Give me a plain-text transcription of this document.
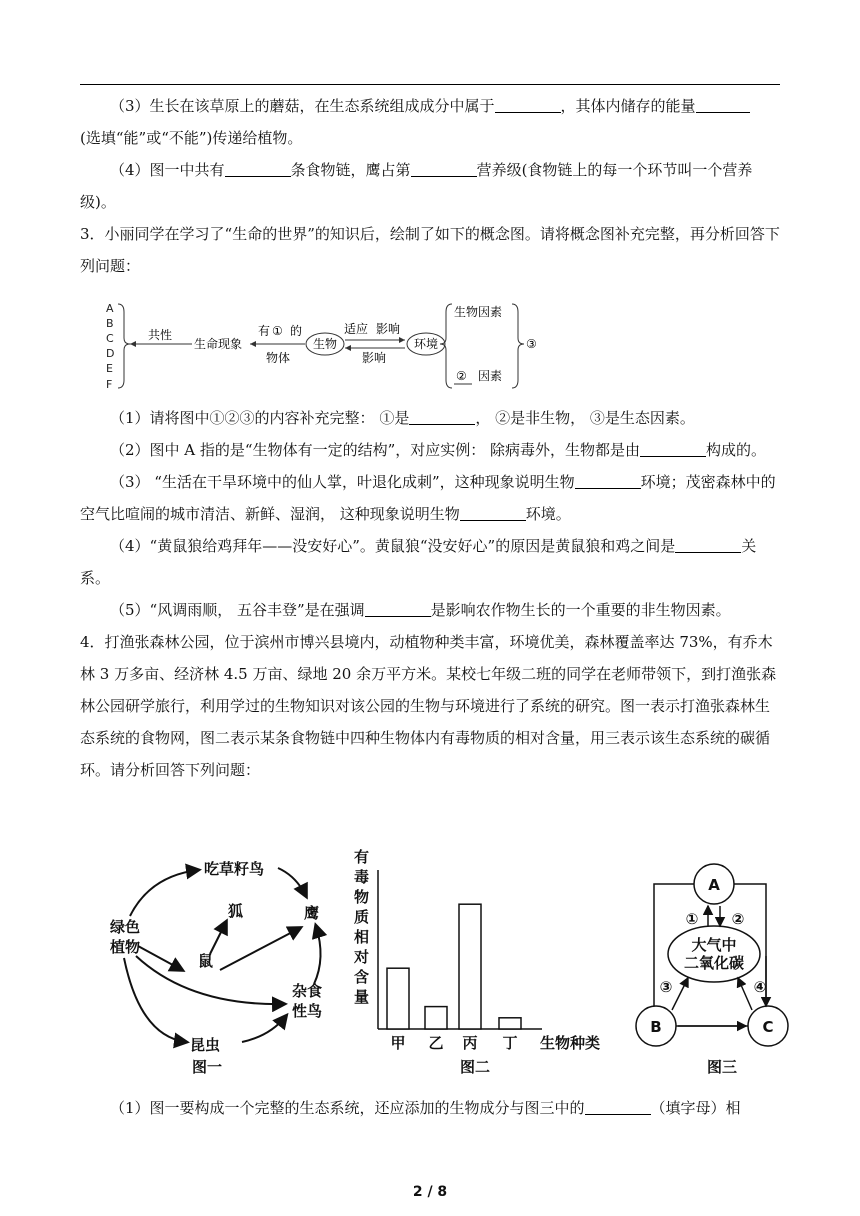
（3）生长在该草原上的蘑菇，在生态系统组成成分中属于	，其体内储存的能量

(选填“能”或“不能”)传递给植物。

（4）图一中共有	条食物链，鹰占第	营养级(食物链上的每一个环节叫一个营养级)。

3．小丽同学在学习了“生命的世界”的知识后，绘制了如下的概念图。请将概念图补充完整，再分析回答下列问题：

A
B
C
D
E
F
共性
生命现象
有 ① 的
物体
生物
适应 影响
影响
环境
生物因素
② 因素
③

（1）请将图中①②③的内容补充完整： ①是	， ②是非生物， ③是生态因素。

（2）图中 A 指的是“生物体有一定的结构”，对应实例： 除病毒外，生物都是由	构成的。

（3） “生活在干旱环境中的仙人掌，叶退化成刺”，这种现象说明生物	环境；茂密森林中的空气比喧闹的城市清洁、新鲜、湿润， 这种现象说明生物	环境。

（4）“黄鼠狼给鸡拜年——没安好心”。黄鼠狼“没安好心”的原因是黄鼠狼和鸡之间是	关系。

（5）“风调雨顺， 五谷丰登”是在强调	是影响农作物生长的一个重要的非生物因素。

4．打渔张森林公园，位于滨州市博兴县境内，动植物种类丰富，环境优美，森林覆盖率达 73%，有乔木林 3 万多亩、经济林 4.5 万亩、绿地 20 余万平方米。某校七年级二班的同学在老师带领下，到打渔张森林公园研学旅行，利用学过的生物知识对该公园的生物与环境进行了系统的研究。图一表示打渔张森林生态系统的食物网，图二表示某条食物链中四种生物体内有毒物质的相对含量，用三表示该生态系统的碳循环。请分析回答下列问题：

绿色
植物
吃草籽鸟
狐	鹰
鼠
杂食
性鸟
昆虫
图一
有
毒
物
质
相
对
含
量
甲 乙 丙 丁 生物种类
图二
A
B	C
大气中
二氧化碳
① ②
③	④
图三

（1）图一要构成一个完整的生态系统，还应添加的生物成分与图三中的	（填字母）相

2 / 8
